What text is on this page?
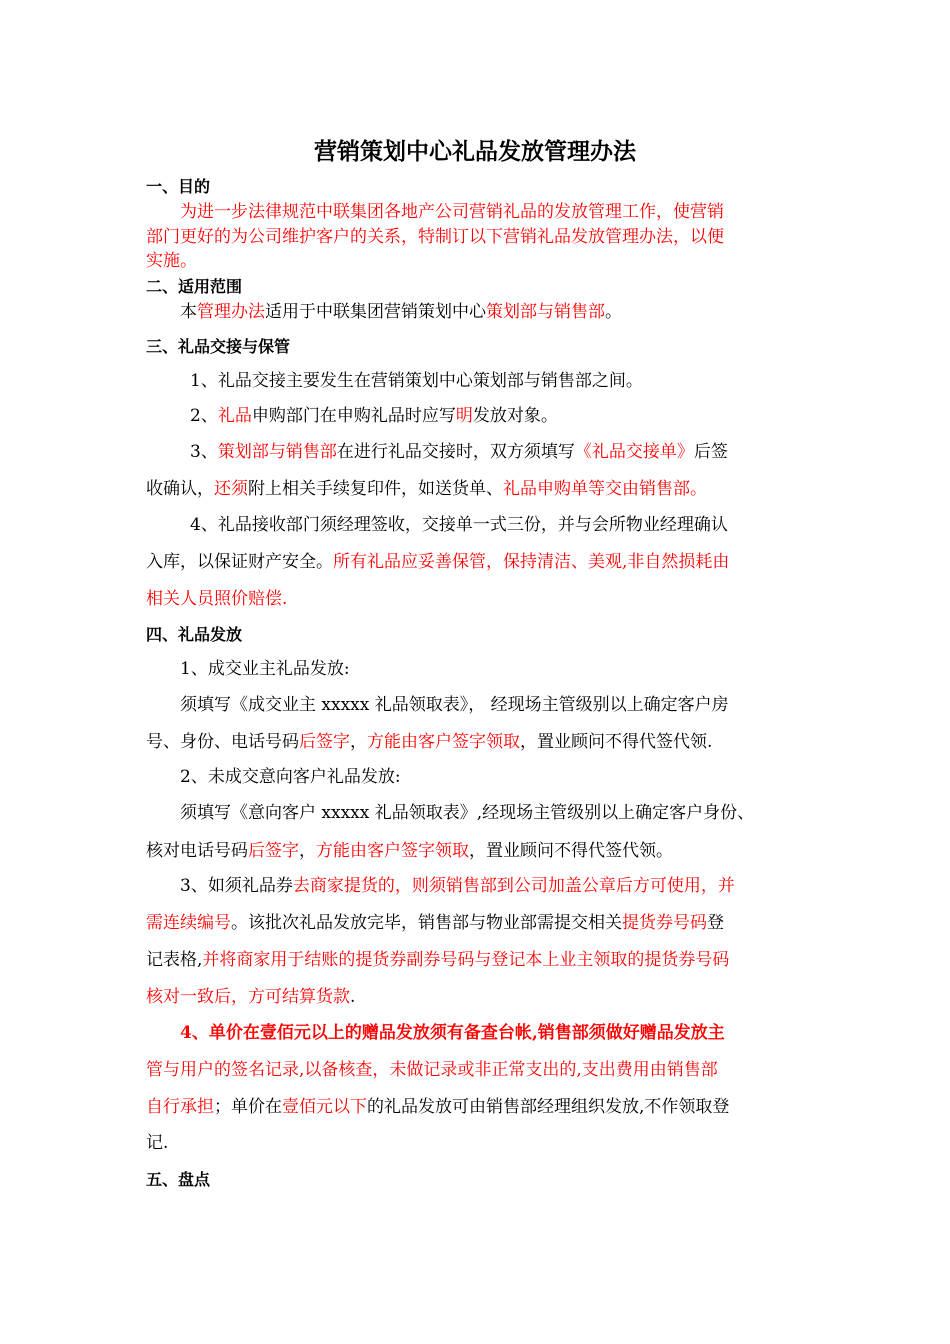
营销策划中心礼品发放管理办法
一、目的
为进一步法律规范中联集团各地产公司营销礼品的发放管理工作，使营销
部门更好的为公司维护客户的关系，特制订以下营销礼品发放管理办法，以便
实施。
二、适用范围
本管理办法适用于中联集团营销策划中心策划部与销售部。
三、礼品交接与保管
1、礼品交接主要发生在营销策划中心策划部与销售部之间。
2、礼品申购部门在申购礼品时应写明发放对象。
3、策划部与销售部在进行礼品交接时，双方须填写《礼品交接单》后签
收确认，还须附上相关手续复印件，如送货单、礼品申购单等交由销售部。
4、礼品接收部门须经理签收，交接单一式三份，并与会所物业经理确认
入库，以保证财产安全。所有礼品应妥善保管，保持清洁、美观,非自然损耗由
相关人员照价赔偿.
四、礼品发放
1、成交业主礼品发放:
须填写《成交业主 xxxxx 礼品领取表》， 经现场主管级别以上确定客户房
号、身份、电话号码后签字，方能由客户签字领取，置业顾问不得代签代领.
2、未成交意向客户礼品发放:
须填写《意向客户 xxxxx 礼品领取表》,经现场主管级别以上确定客户身份、
核对电话号码后签字，方能由客户签字领取，置业顾问不得代签代领。
3、如须礼品券去商家提货的，则须销售部到公司加盖公章后方可使用，并
需连续编号。该批次礼品发放完毕，销售部与物业部需提交相关提货券号码登
记表格,并将商家用于结账的提货券副券号码与登记本上业主领取的提货券号码
核对一致后，方可结算货款.
4、单价在壹佰元以上的赠品发放须有备查台帐,销售部须做好赠品发放主
管与用户的签名记录,以备核查，未做记录或非正常支出的,支出费用由销售部
自行承担；单价在壹佰元以下的礼品发放可由销售部经理组织发放,不作领取登
记.
五、盘点
